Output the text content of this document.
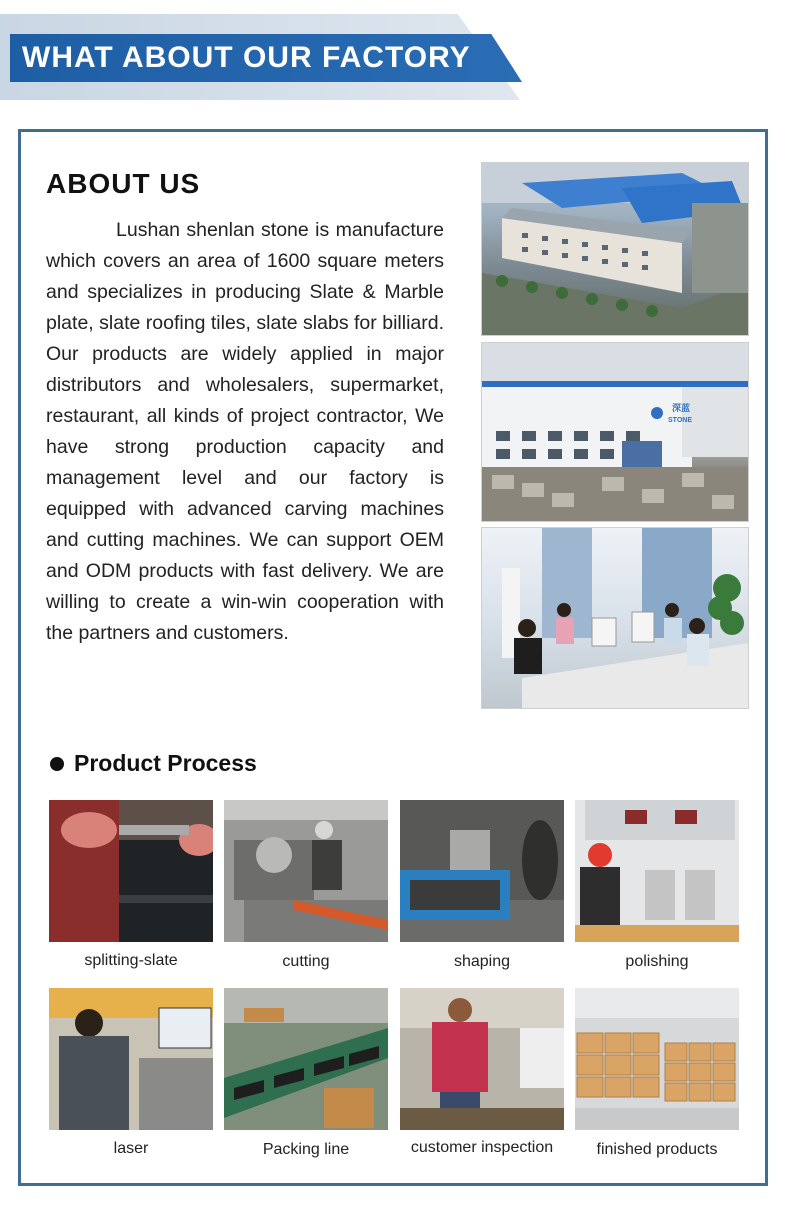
WHAT ABOUT OUR FACTORY
ABOUT US

Lushan shenlan stone is manufacture which covers an area of 1600 square meters and specializes in producing Slate & Marble plate, slate roofing tiles, slate slabs for billiard. Our products are widely applied in major distributors and wholesalers, supermarket, restaurant, all kinds of project contractor, We have strong production capacity and management level and our factory is equipped with advanced carving machines and cutting machines. We can support OEM and ODM products with fast delivery. We are willing to create a win-win cooperation with the partners and customers.

深蓝
STONE
Product Process
splitting-slate	cutting	shaping	polishing
laser	Packing line	customer inspection	finished products
